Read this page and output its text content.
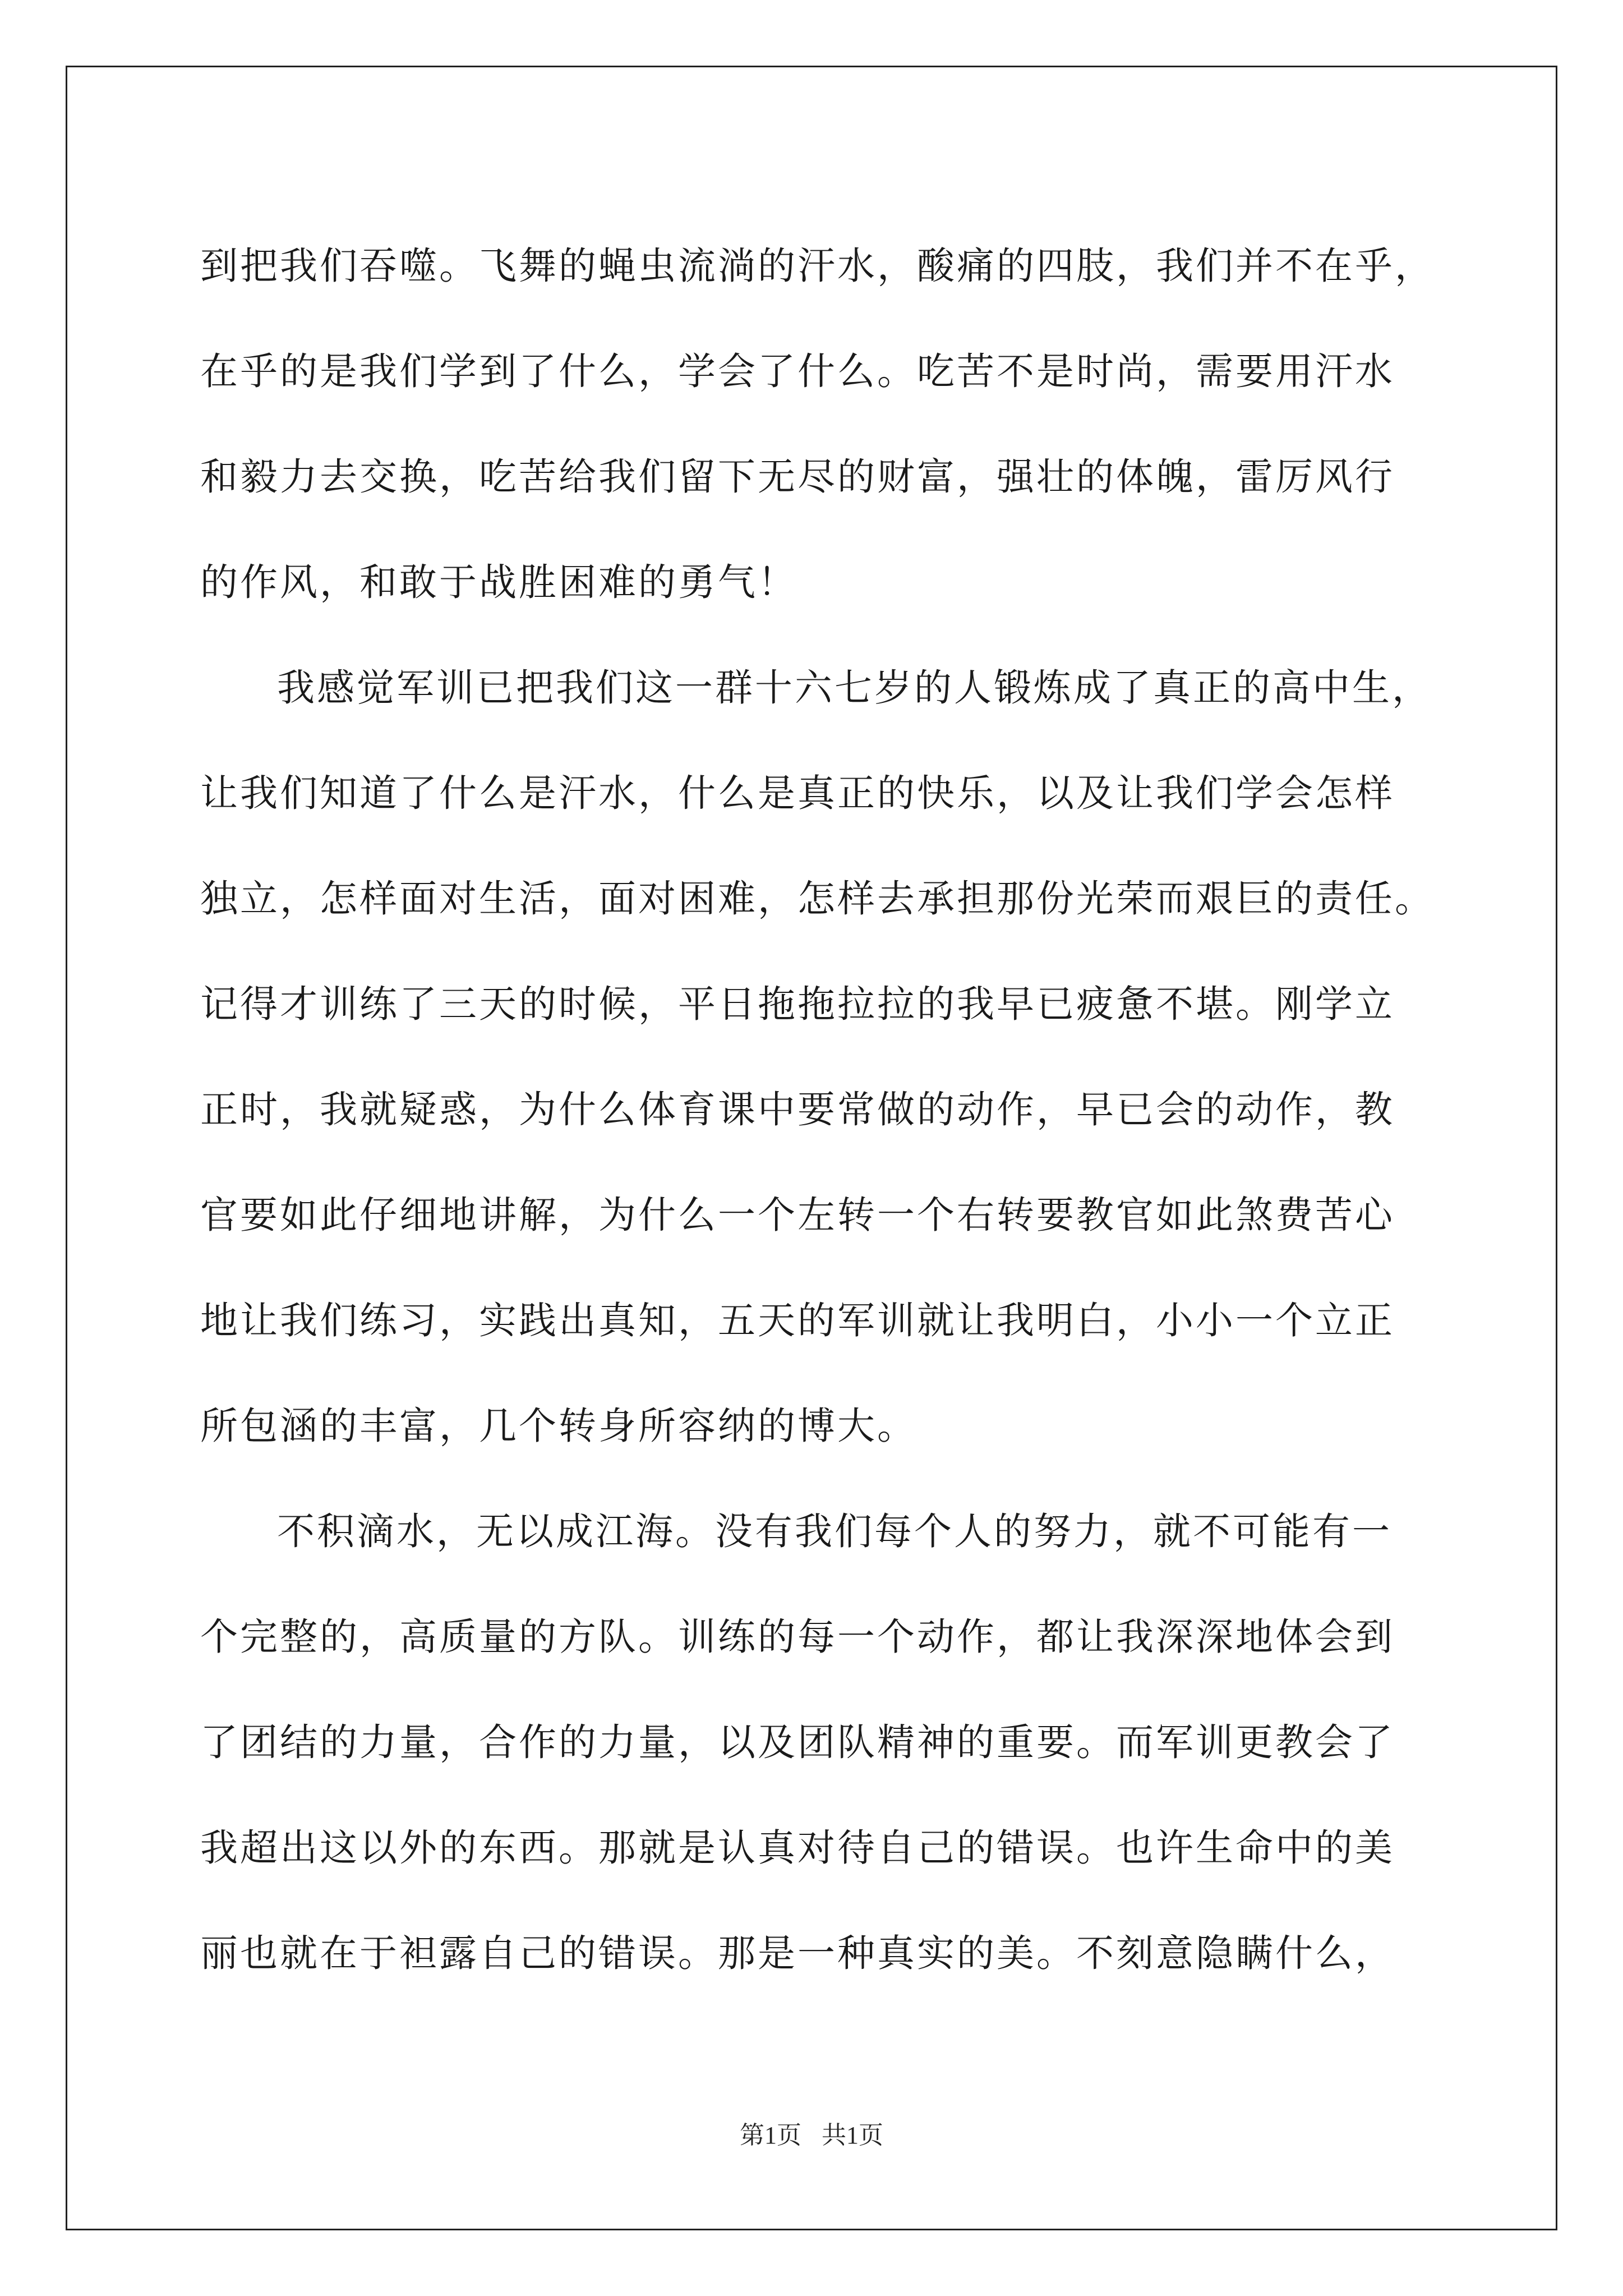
到把我们吞噬。飞舞的蝇虫流淌的汗水，酸痛的四肢，我们并不在乎，
在乎的是我们学到了什么，学会了什么。吃苦不是时尚，需要用汗水
和毅力去交换，吃苦给我们留下无尽的财富，强壮的体魄，雷厉风行
的作风，和敢于战胜困难的勇气！
我感觉军训已把我们这一群十六七岁的人锻炼成了真正的高中生，
让我们知道了什么是汗水，什么是真正的快乐，以及让我们学会怎样
独立，怎样面对生活，面对困难，怎样去承担那份光荣而艰巨的责任。
记得才训练了三天的时候，平日拖拖拉拉的我早已疲惫不堪。刚学立
正时，我就疑惑，为什么体育课中要常做的动作，早已会的动作，教
官要如此仔细地讲解，为什么一个左转一个右转要教官如此煞费苦心
地让我们练习，实践出真知，五天的军训就让我明白，小小一个立正
所包涵的丰富，几个转身所容纳的博大。
不积滴水，无以成江海。没有我们每个人的努力，就不可能有一
个完整的，高质量的方队。训练的每一个动作，都让我深深地体会到
了团结的力量，合作的力量，以及团队精神的重要。而军训更教会了
我超出这以外的东西。那就是认真对待自己的错误。也许生命中的美
丽也就在于袒露自己的错误。那是一种真实的美。不刻意隐瞒什么，
第1页 共1页
